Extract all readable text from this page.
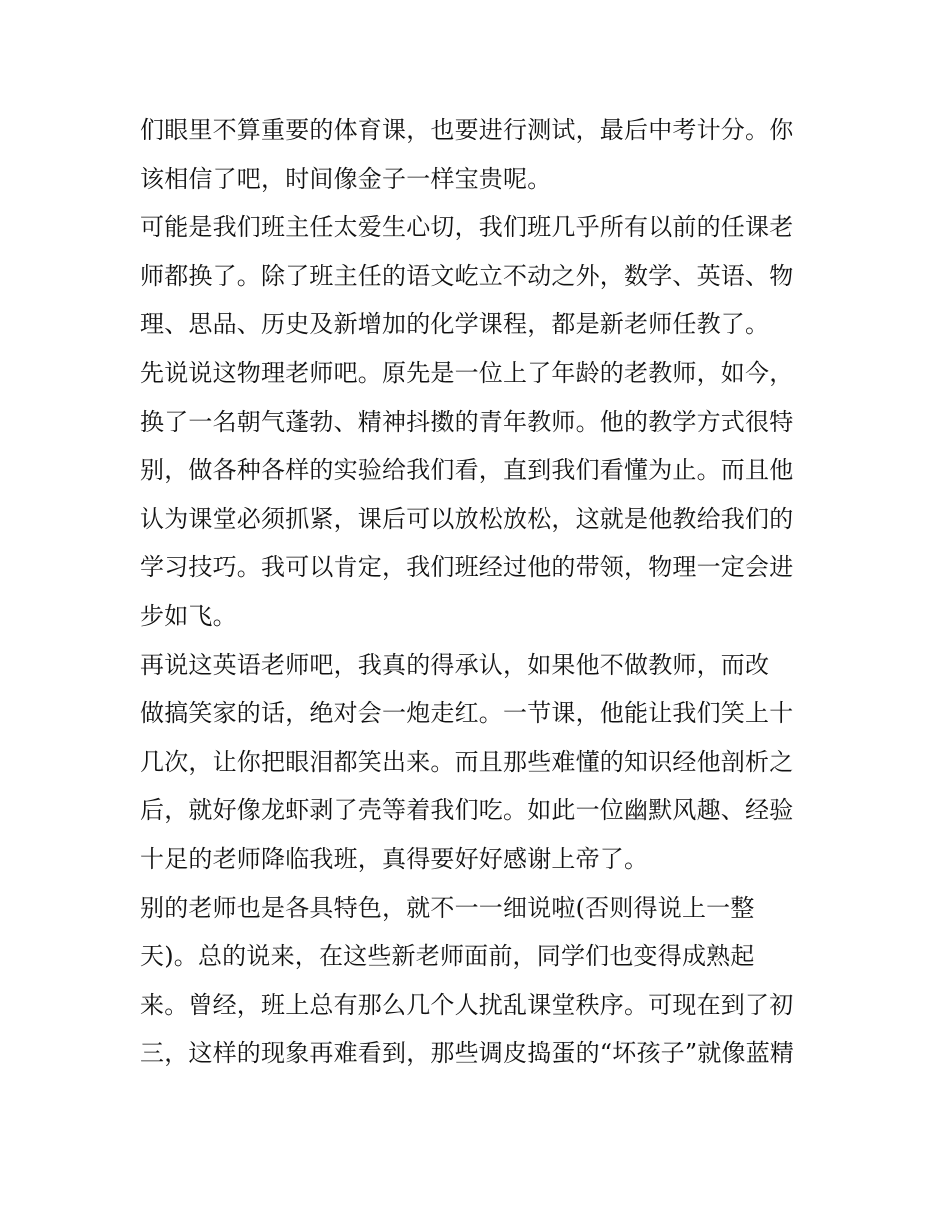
们眼里不算重要的体育课，也要进行测试，最后中考计分。你
该相信了吧，时间像金子一样宝贵呢。
可能是我们班主任太爱生心切，我们班几乎所有以前的任课老
师都换了。除了班主任的语文屹立不动之外，数学、英语、物
理、思品、历史及新增加的化学课程，都是新老师任教了。
先说说这物理老师吧。原先是一位上了年龄的老教师，如今，
换了一名朝气蓬勃、精神抖擞的青年教师。他的教学方式很特
别，做各种各样的实验给我们看，直到我们看懂为止。而且他
认为课堂必须抓紧，课后可以放松放松，这就是他教给我们的
学习技巧。我可以肯定，我们班经过他的带领，物理一定会进
步如飞。
再说这英语老师吧，我真的得承认，如果他不做教师，而改
做搞笑家的话，绝对会一炮走红。一节课，他能让我们笑上十
几次，让你把眼泪都笑出来。而且那些难懂的知识经他剖析之
后，就好像龙虾剥了壳等着我们吃。如此一位幽默风趣、经验
十足的老师降临我班，真得要好好感谢上帝了。
别的老师也是各具特色，就不一一细说啦(否则得说上一整
天)。总的说来，在这些新老师面前，同学们也变得成熟起
来。曾经，班上总有那么几个人扰乱课堂秩序。可现在到了初
三，这样的现象再难看到，那些调皮捣蛋的“坏孩子”就像蓝精
